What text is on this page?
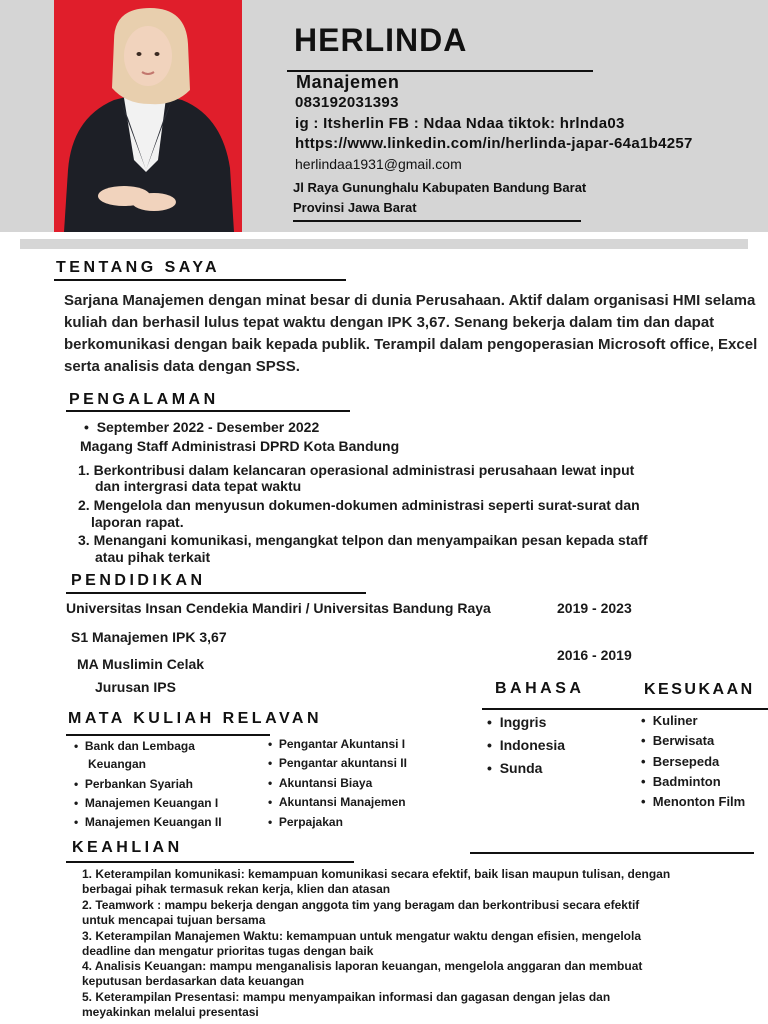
HERLINDA
Manajemen
083192031393
ig : Itsherlin FB : Ndaa Ndaa tiktok: hrlnda03
https://www.linkedin.com/in/herlinda-japar-64a1b4257
herlindaa1931@gmail.com
Jl Raya Gununghalu Kabupaten Bandung Barat
Provinsi Jawa Barat
TENTANG SAYA
Sarjana Manajemen dengan minat besar di dunia Perusahaan. Aktif dalam organisasi HMI selama kuliah dan berhasil lulus tepat waktu dengan IPK 3,67. Senang bekerja dalam tim dan dapat berkomunikasi dengan baik kepada publik. Terampil dalam pengoperasian Microsoft office, Excel serta analisis data dengan SPSS.
PENGALAMAN
• September 2022 - Desember 2022
Magang Staff Administrasi DPRD Kota Bandung
1. Berkontribusi dalam kelancaran operasional administrasi perusahaan lewat input
dan intergrasi data tepat waktu
2. Mengelola dan menyusun dokumen-dokumen administrasi seperti surat-surat dan
laporan rapat.
3. Menangani komunikasi, mengangkat telpon dan menyampaikan pesan kepada staff
atau pihak terkait
PENDIDIKAN
Universitas Insan Cendekia Mandiri / Universitas Bandung Raya	2019 - 2023
S1 Manajemen IPK 3,67
MA Muslimin Celak
2016 - 2019
Jurusan IPS
MATA KULIAH RELAVAN
• Bank dan Lembaga
Keuangan
• Perbankan Syariah
• Manajemen Keuangan I
• Manajemen Keuangan II
• Pengantar Akuntansi I
• Pengantar akuntansi II
• Akuntansi Biaya
• Akuntansi Manajemen
• Perpajakan
BAHASA
• Inggris
• Indonesia
• Sunda
KESUKAAN
• Kuliner
• Berwisata
• Bersepeda
• Badminton
• Menonton Film
KEAHLIAN
1. Keterampilan komunikasi: kemampuan komunikasi secara efektif, baik lisan maupun tulisan, dengan
berbagai pihak termasuk rekan kerja, klien dan atasan
2. Teamwork : mampu bekerja dengan anggota tim yang beragam dan berkontribusi secara efektif
untuk mencapai tujuan bersama
3. Keterampilan Manajemen Waktu: kemampuan untuk mengatur waktu dengan efisien, mengelola
deadline dan mengatur prioritas tugas dengan baik
4. Analisis Keuangan: mampu menganalisis laporan keuangan, mengelola anggaran dan membuat
keputusan berdasarkan data keuangan
5. Keterampilan Presentasi: mampu menyampaikan informasi dan gagasan dengan jelas dan
meyakinkan melalui presentasi
